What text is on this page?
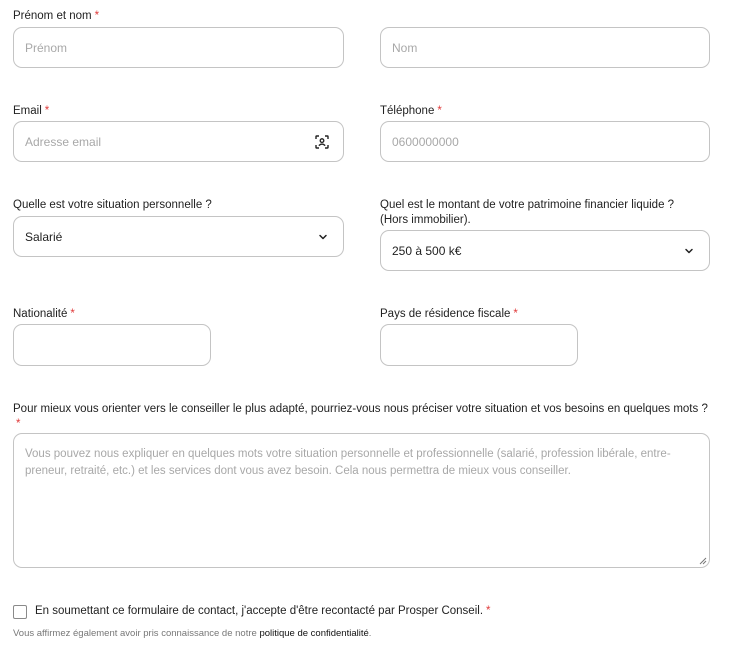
Prénom et nom *
Prénom	Nom
Email *
Adresse email
Téléphone *
0600000000
Quelle est votre situation personnelle ?
Salarié
Quel est le montant de votre patrimoine financier liquide ?
(Hors immobilier).
250 à 500 k€
Nationalité *	Pays de résidence fiscale *
Pour mieux vous orienter vers le conseiller le plus adapté, pourriez-vous nous préciser votre situation et vos besoins en quelques mots ?*
Vous pouvez nous expliquer en quelques mots votre situation personnelle et professionnelle (salarié, profession libérale, entre-
preneur, retraité, etc.) et les services dont vous avez besoin. Cela nous permettra de mieux vous conseiller.
En soumettant ce formulaire de contact, j'accepte d'être recontacté par Prosper Conseil. *
Vous affirmez également avoir pris connaissance de notre politique de confidentialité.
